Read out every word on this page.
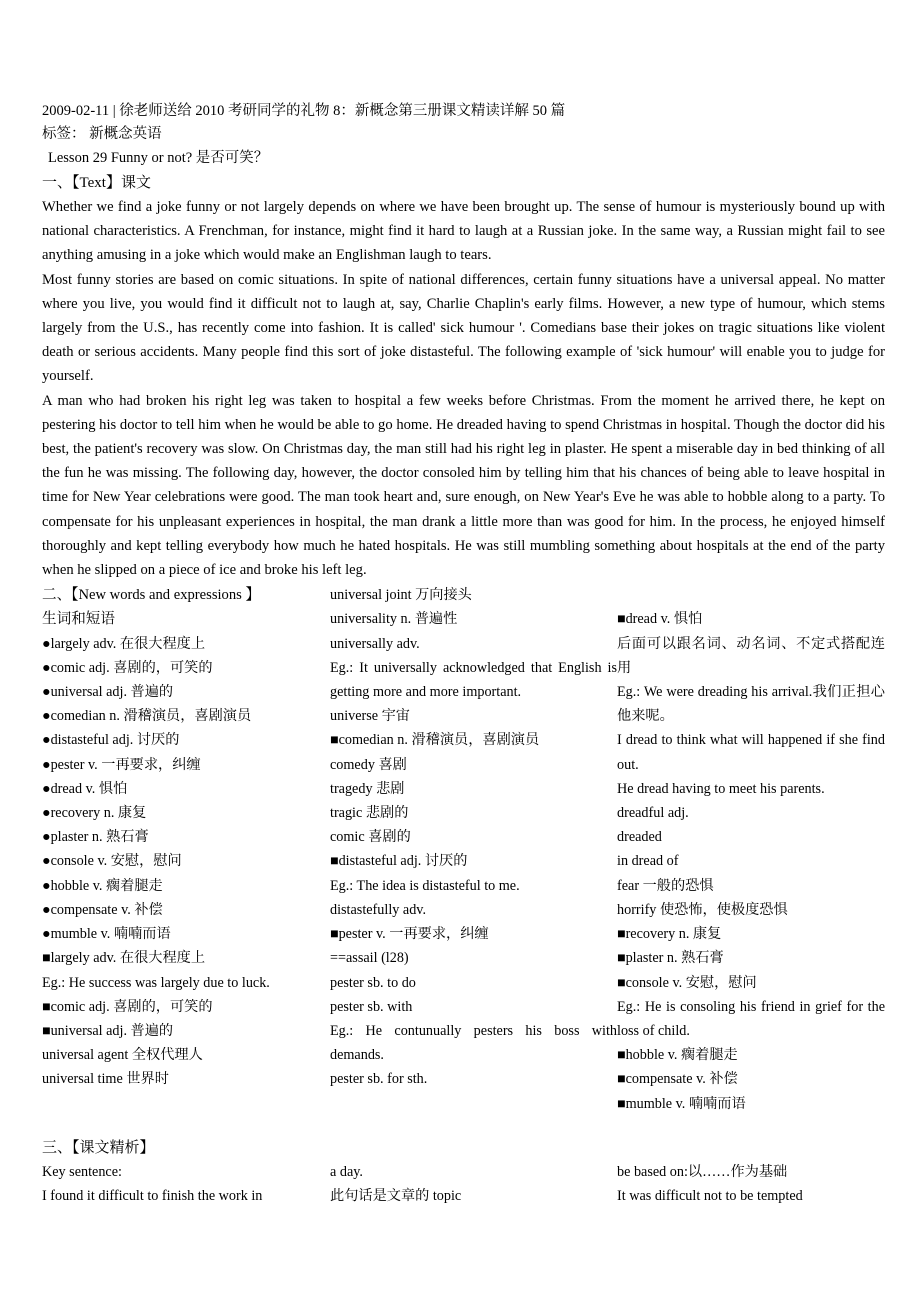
2009-02-11 | 徐老师送给 2010 考研同学的礼物 8：新概念第三册课文精读详解 50 篇
标签： 新概念英语
Lesson 29 Funny or not? 是否可笑？
一、【Text】课文

Whether we find a joke funny or not largely depends on where we have been brought up. The sense of humour is mysteriously bound up with national characteristics. A Frenchman, for instance, might find it hard to laugh at a Russian joke. In the same way, a Russian might fail to see anything amusing in a joke which would make an Englishman laugh to tears.

Most funny stories are based on comic situations. In spite of national differences, certain funny situations have a universal appeal. No matter where you live, you would find it difficult not to laugh at, say, Charlie Chaplin's early films. However, a new type of humour, which stems largely from the U.S., has recently come into fashion. It is called' sick humour '. Comedians base their jokes on tragic situations like violent death or serious accidents. Many people find this sort of joke distasteful. The following example of 'sick humour' will enable you to judge for yourself.

A man who had broken his right leg was taken to hospital a few weeks before Christmas. From the moment he arrived there, he kept on pestering his doctor to tell him when he would be able to go home. He dreaded having to spend Christmas in hospital. Though the doctor did his best, the patient's recovery was slow. On Christmas day, the man still had his right leg in plaster. He spent a miserable day in bed thinking of all the fun he was missing. The following day, however, the doctor consoled him by telling him that his chances of being able to leave hospital in time for New Year celebrations were good. The man took heart and, sure enough, on New Year's Eve he was able to hobble along to a party. To compensate for his unpleasant experiences in hospital, the man drank a little more than was good for him. In the process, he enjoyed himself thoroughly and kept telling everybody how much he hated hospitals. He was still mumbling something about hospitals at the end of the party when he slipped on a piece of ice and broke his left leg.

二、【New words and expressions 】
生词和短语
●largely adv. 在很大程度上
●comic adj. 喜剧的，可笑的
●universal adj. 普遍的
●comedian n. 滑稽演员，喜剧演员
●distasteful adj. 讨厌的
●pester v. 一再要求，纠缠
●dread v. 惧怕
●recovery n. 康复
●plaster n. 熟石膏
●console v. 安慰，慰问
●hobble v. 瘸着腿走
●compensate v. 补偿
●mumble v. 喃喃而语
■largely adv. 在很大程度上
Eg.: He success was largely due to luck.
■comic adj. 喜剧的，可笑的
■universal adj. 普遍的
universal agent 全权代理人
universal time 世界时
universal joint 万向接头
universality n. 普遍性
universally adv.
Eg.: It universally acknowledged that English is getting more and more important.
universe 宇宙
■comedian n. 滑稽演员，喜剧演员
comedy 喜剧
tragedy 悲剧
tragic 悲剧的
comic 喜剧的
■distasteful adj. 讨厌的
Eg.: The idea is distasteful to me.
distastefully adv.
■pester v. 一再要求，纠缠
==assail (l28)
pester sb. to do
pester sb. with
Eg.: He contunually pesters his boss with demands.
pester sb. for sth.
■dread v. 惧怕
后面可以跟名词、动名词、不定式搭配连用
Eg.: We were dreading his arrival.我们正担心他来呢。
I dread to think what will happened if she find out.
He dread having to meet his parents.
dreadful adj.
dreaded
in dread of
fear 一般的恐惧
horrify 使恐怖，使极度恐惧
■recovery n. 康复
■plaster n. 熟石膏
■console v. 安慰，慰问
Eg.: He is consoling his friend in grief for the loss of child.
■hobble v. 瘸着腿走
■compensate v. 补偿
■mumble v. 喃喃而语
三、【课文精析】
Key sentence:
I found it difficult to finish the work in
a day.
此句话是文章的 topic
be based on:以……作为基础
It was difficult not to be tempted
